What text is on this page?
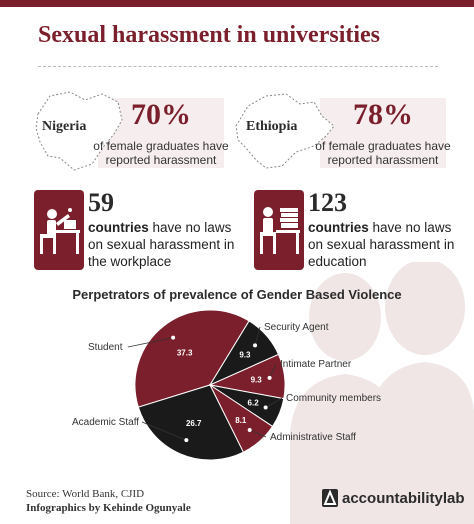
Sexual harassment in universities
Nigeria	70%
of female graduates have
reported harassment
Ethiopia	78%
of female graduates have
reported harassment
59
countries have no laws
on sexual harassment in
the workplace
123
countries have no laws
on sexual harassment in
education
Perpetrators of prevalence of Gender Based Violence
37.3
Student
9.3
Security Agent
9.3
Intimate Partner
6.2	Community members
8.1
Administrative Staff
26.7
Academic Staff
Source: World Bank, CJID
Infographics by Kehinde Ogunyale
accountabilitylab
